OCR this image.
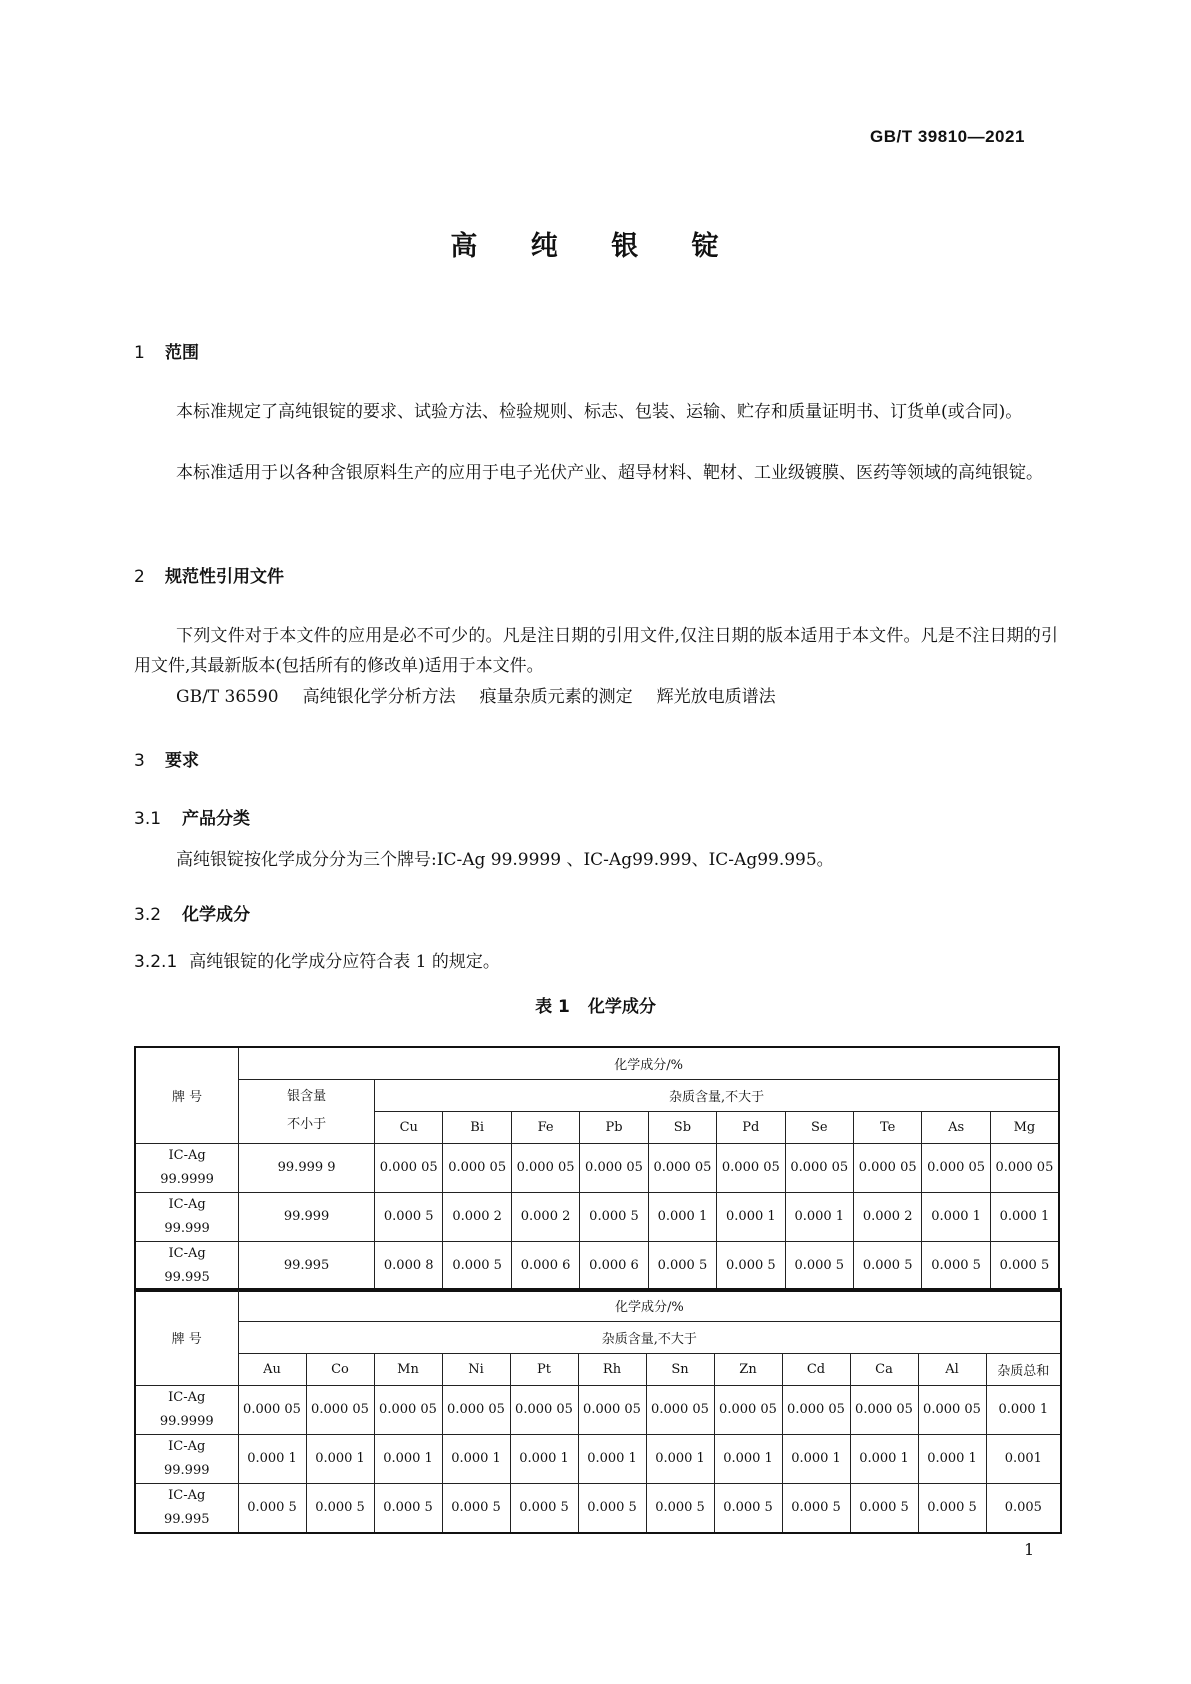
GB/T 39810—2021
高 纯 银 锭
1 范围
本标准规定了高纯银锭的要求、试验方法、检验规则、标志、包装、运输、贮存和质量证明书、订货单(或合同)。
本标准适用于以各种含银原料生产的应用于电子光伏产业、超导材料、靶材、工业级镀膜、医药等领域的高纯银锭。
2 规范性引用文件
下列文件对于本文件的应用是必不可少的。凡是注日期的引用文件,仅注日期的版本适用于本文件。凡是不注日期的引用文件,其最新版本(包括所有的修改单)适用于本文件。
GB/T 36590 高纯银化学分析方法 痕量杂质元素的测定 辉光放电质谱法
3 要求
3.1 产品分类
高纯银锭按化学成分分为三个牌号:IC-Ag 99.9999 、IC-Ag99.999、IC-Ag99.995。
3.2 化学成分
3.2.1 高纯银锭的化学成分应符合表 1 的规定。
表 1 化学成分
牌 号	化学成分/%										

	银含量
不小于	杂质含量,不大于									
		Cu	Bi	Fe	Pb	Sb	Pd	Se	Te	As	Mg

IC-Ag
99.9999	99.999 9	0.000 05	0.000 05	0.000 05	0.000 05	0.000 05	0.000 05	0.000 05	0.000 05	0.000 05	0.000 05

IC-Ag
99.999	99.999	0.000 5	0.000 2	0.000 2	0.000 5	0.000 1	0.000 1	0.000 1	0.000 2	0.000 1	0.000 1

IC-Ag
99.995	99.995	0.000 8	0.000 5	0.000 6	0.000 6	0.000 5	0.000 5	0.000 5	0.000 5	0.000 5	0.000 5
牌 号	化学成分/%											
	杂质含量,不大于											
	Au	Co	Mn	Ni	Pt	Rh	Sn	Zn	Cd	Ca	Al	杂质总和

IC-Ag
99.9999	0.000 05	0.000 05	0.000 05	0.000 05	0.000 05	0.000 05	0.000 05	0.000 05	0.000 05	0.000 05	0.000 05	0.000 1

IC-Ag
99.999	0.000 1	0.000 1	0.000 1	0.000 1	0.000 1	0.000 1	0.000 1	0.000 1	0.000 1	0.000 1	0.000 1	0.001

IC-Ag
99.995	0.000 5	0.000 5	0.000 5	0.000 5	0.000 5	0.000 5	0.000 5	0.000 5	0.000 5	0.000 5	0.000 5	0.005
1
